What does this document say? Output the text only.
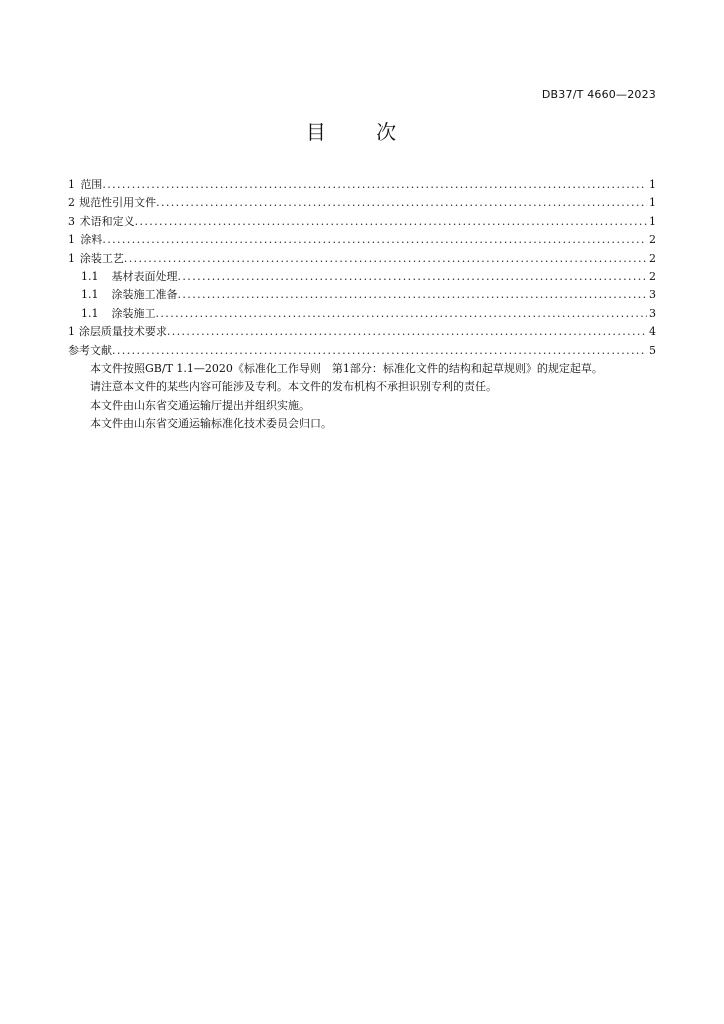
DB37/T 4660—2023
目 次
1 范围 .....	1
2 规范性引用文件 .....	1
3 术语和定义 .....	1
1 涂料 .....	2
1 涂装工艺 .....	2
1.1 基材表面处理 .....	2
1.1 涂装施工准备 .....	3
1.1 涂装施工 .....	3
1 涂层质量技术要求 .....	4
参考文献 .....	5

本文件按照GB/T 1.1—2020《标准化工作导则　第1部分：标准化文件的结构和起草规则》的规定起草。

请注意本文件的某些内容可能涉及专利。本文件的发布机构不承担识别专利的责任。

本文件由山东省交通运输厅提出并组织实施。

本文件由山东省交通运输标准化技术委员会归口。
